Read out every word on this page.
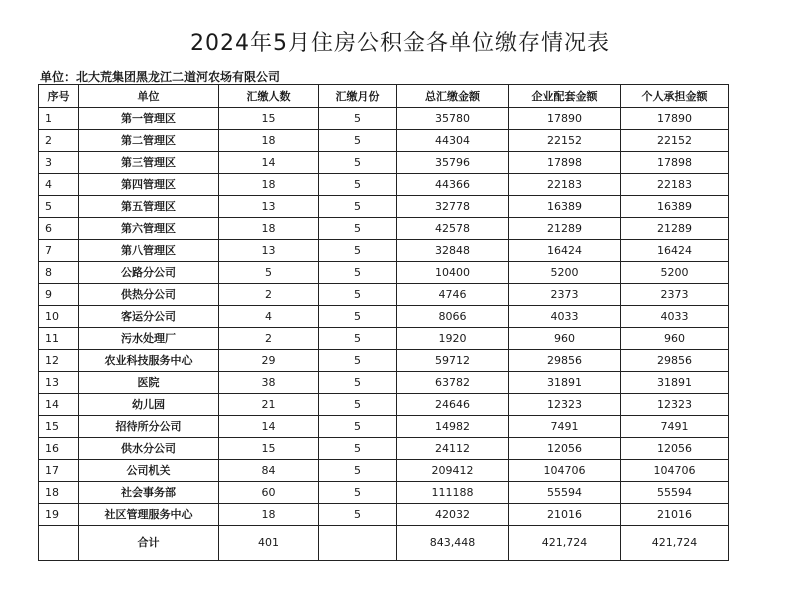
2024年5月住房公积金各单位缴存情况表
单位：北大荒集团黑龙江二道河农场有限公司
序号	单位	汇缴人数	汇缴月份	总汇缴金额	企业配套金额	个人承担金额
1	第一管理区	15	5	35780	17890	17890
2	第二管理区	18	5	44304	22152	22152
3	第三管理区	14	5	35796	17898	17898
4	第四管理区	18	5	44366	22183	22183
5	第五管理区	13	5	32778	16389	16389
6	第六管理区	18	5	42578	21289	21289
7	第八管理区	13	5	32848	16424	16424
8	公路分公司	5	5	10400	5200	5200
9	供热分公司	2	5	4746	2373	2373
10	客运分公司	4	5	8066	4033	4033
11	污水处理厂	2	5	1920	960	960
12	农业科技服务中心	29	5	59712	29856	29856
13	医院	38	5	63782	31891	31891
14	幼儿园	21	5	24646	12323	12323
15	招待所分公司	14	5	14982	7491	7491
16	供水分公司	15	5	24112	12056	12056
17	公司机关	84	5	209412	104706	104706
18	社会事务部	60	5	111188	55594	55594
19	社区管理服务中心	18	5	42032	21016	21016
	合计	401		843,448	421,724	421,724
